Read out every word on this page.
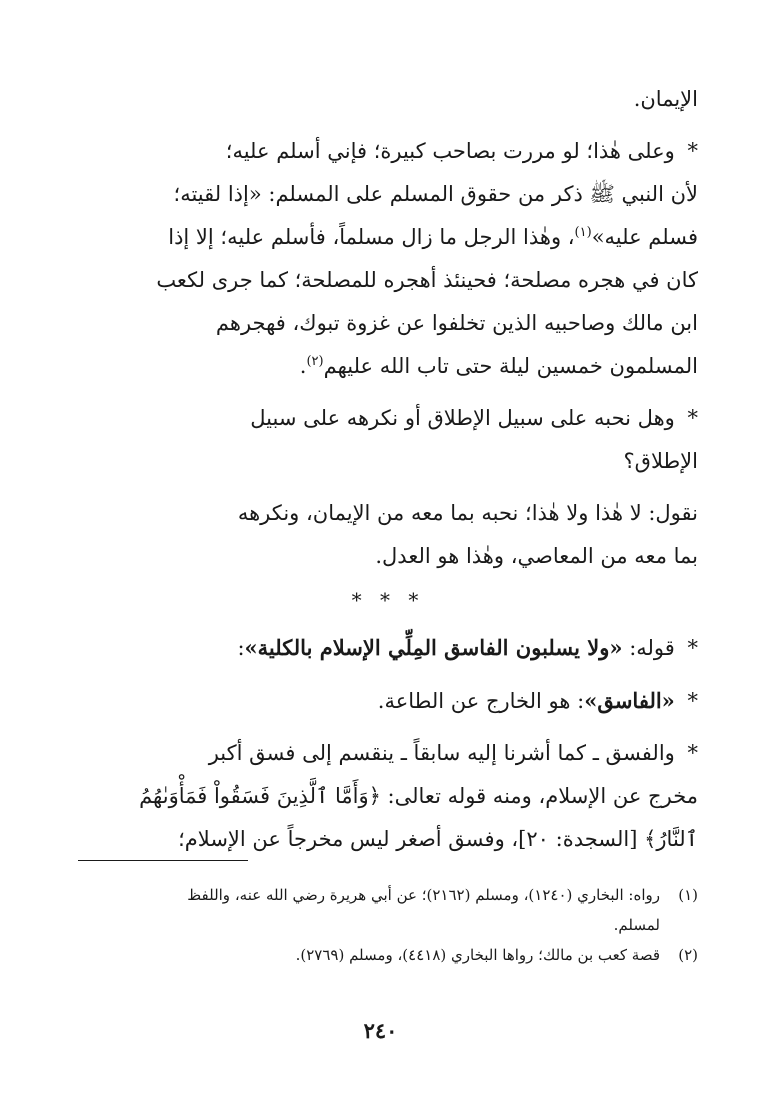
الإيمان.
* وعلى هٰذا؛ لو مررت بصاحب كبيرة؛ فإني أسلم عليه؛
لأن النبي ﷺ ذكر من حقوق المسلم على المسلم: «إذا لقيته؛
فسلم عليه»$^{(١)}$، وهٰذا الرجل ما زال مسلماً، فأسلم عليه؛ إلا إذا
كان في هجره مصلحة؛ فحينئذ أهجره للمصلحة؛ كما جرى لكعب
ابن مالك وصاحبيه الذين تخلفوا عن غزوة تبوك، فهجرهم
المسلمون خمسين ليلة حتى تاب الله عليهم$^{(٢)}$.
* وهل نحبه على سبيل الإطلاق أو نكرهه على سبيل
الإطلاق؟
نقول: لا هٰذا ولا هٰذا؛ نحبه بما معه من الإيمان، ونكرهه
بما معه من المعاصي، وهٰذا هو العدل.
* * *
* قوله: «ولا يسلبون الفاسق المِلِّي الإسلام بالكلية»:
* «الفاسق»: هو الخارج عن الطاعة.
* والفسق ـ كما أشرنا إليه سابقاً ـ ينقسم إلى فسق أكبر
مخرج عن الإسلام، ومنه قوله تعالى: ﴿وَأَمَّا ٱلَّذِينَ فَسَقُواْ فَمَأْوَىٰهُمُ
ٱلنَّارُ﴾ [السجدة: ٢٠]، وفسق أصغر ليس مخرجاً عن الإسلام؛
(١)
رواه: البخاري (١٢٤٠)، ومسلم (٢١٦٢)؛ عن أبي هريرة رضي الله عنه، واللفظ
لمسلم.
(٢)
قصة كعب بن مالك؛ رواها البخاري (٤٤١٨)، ومسلم (٢٧٦٩).
٢٤٠
